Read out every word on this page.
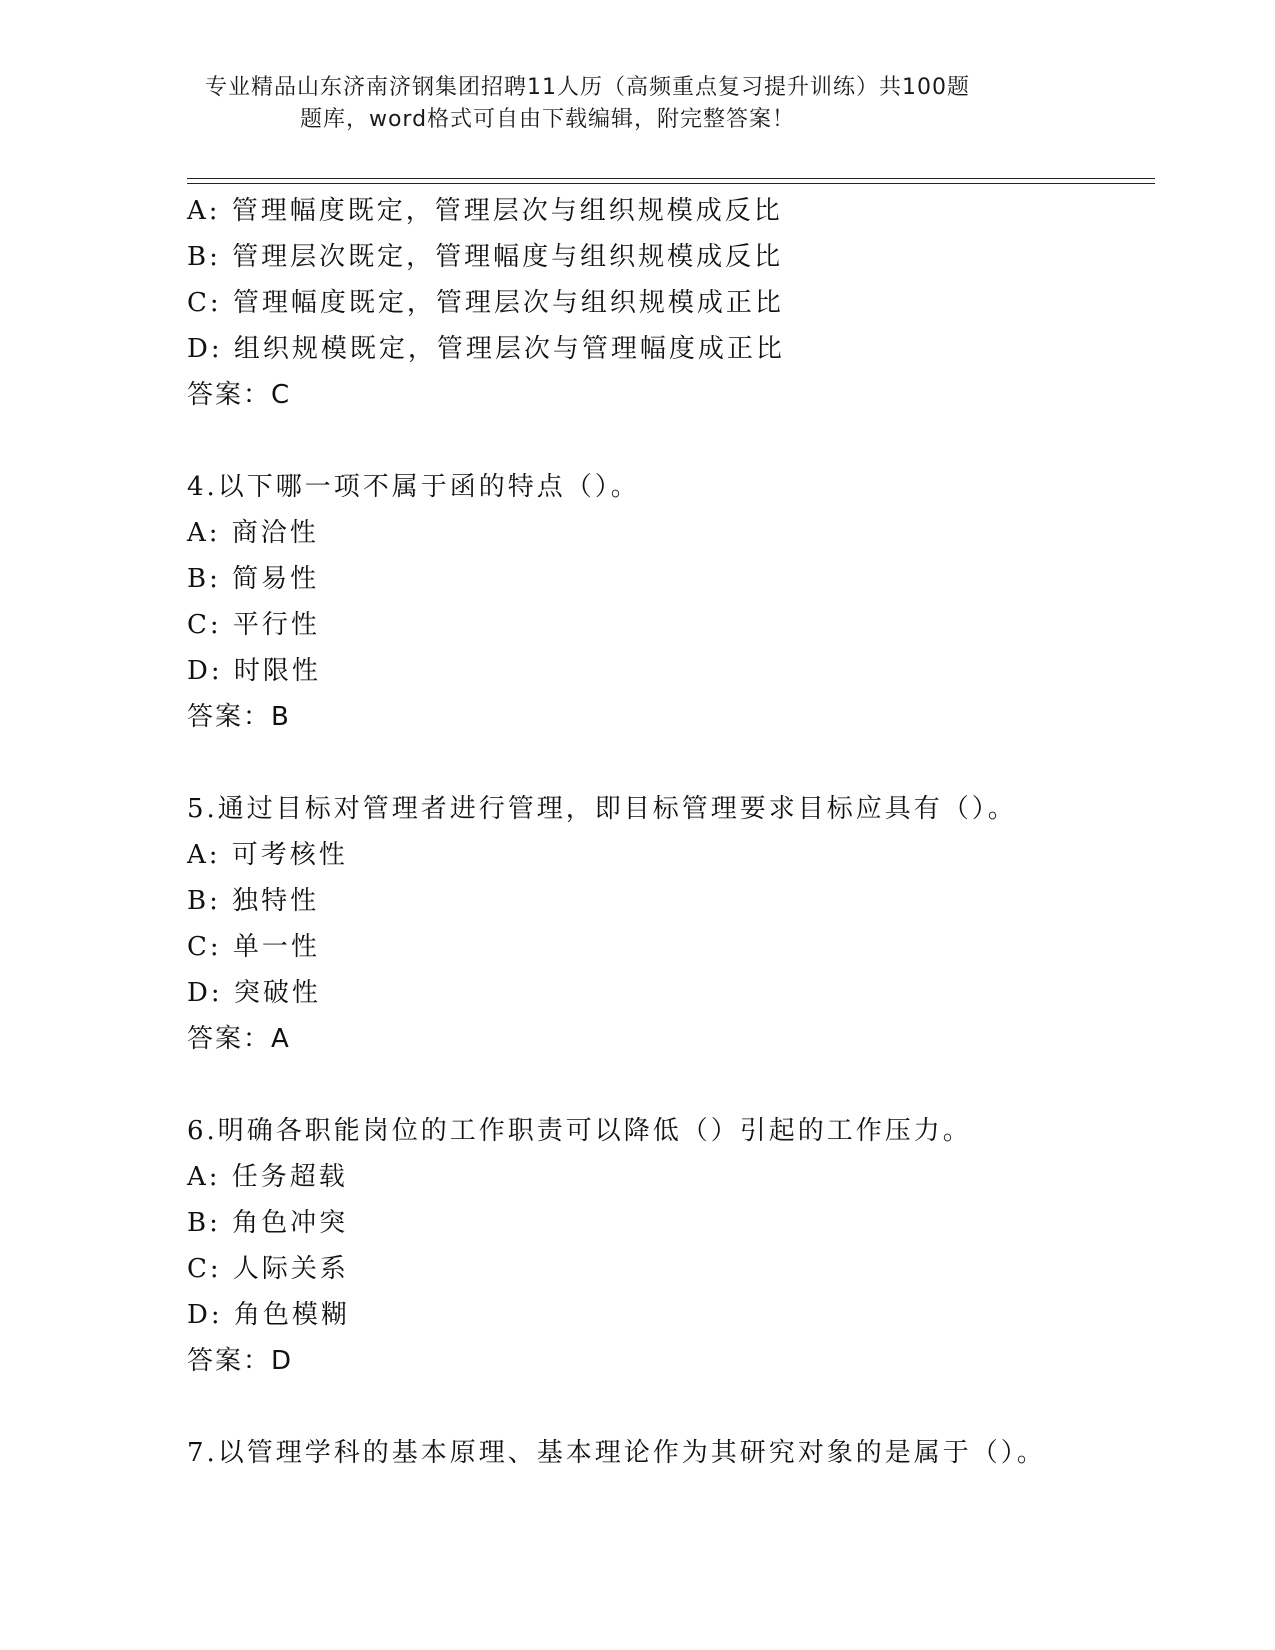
专业精品山东济南济钢集团招聘11人历（高频重点复习提升训练）共100题
题库，word格式可自由下载编辑，附完整答案！
A: 管理幅度既定，管理层次与组织规模成反比
B: 管理层次既定，管理幅度与组织规模成反比
C: 管理幅度既定，管理层次与组织规模成正比
D: 组织规模既定，管理层次与管理幅度成正比
答案：C
4.以下哪一项不属于函的特点（）。
A: 商洽性
B: 简易性
C: 平行性
D: 时限性
答案：B
5.通过目标对管理者进行管理，即目标管理要求目标应具有（）。
A: 可考核性
B: 独特性
C: 单一性
D: 突破性
答案：A
6.明确各职能岗位的工作职责可以降低（）引起的工作压力。
A: 任务超载
B: 角色冲突
C: 人际关系
D: 角色模糊
答案：D
7.以管理学科的基本原理、基本理论作为其研究对象的是属于（）。
